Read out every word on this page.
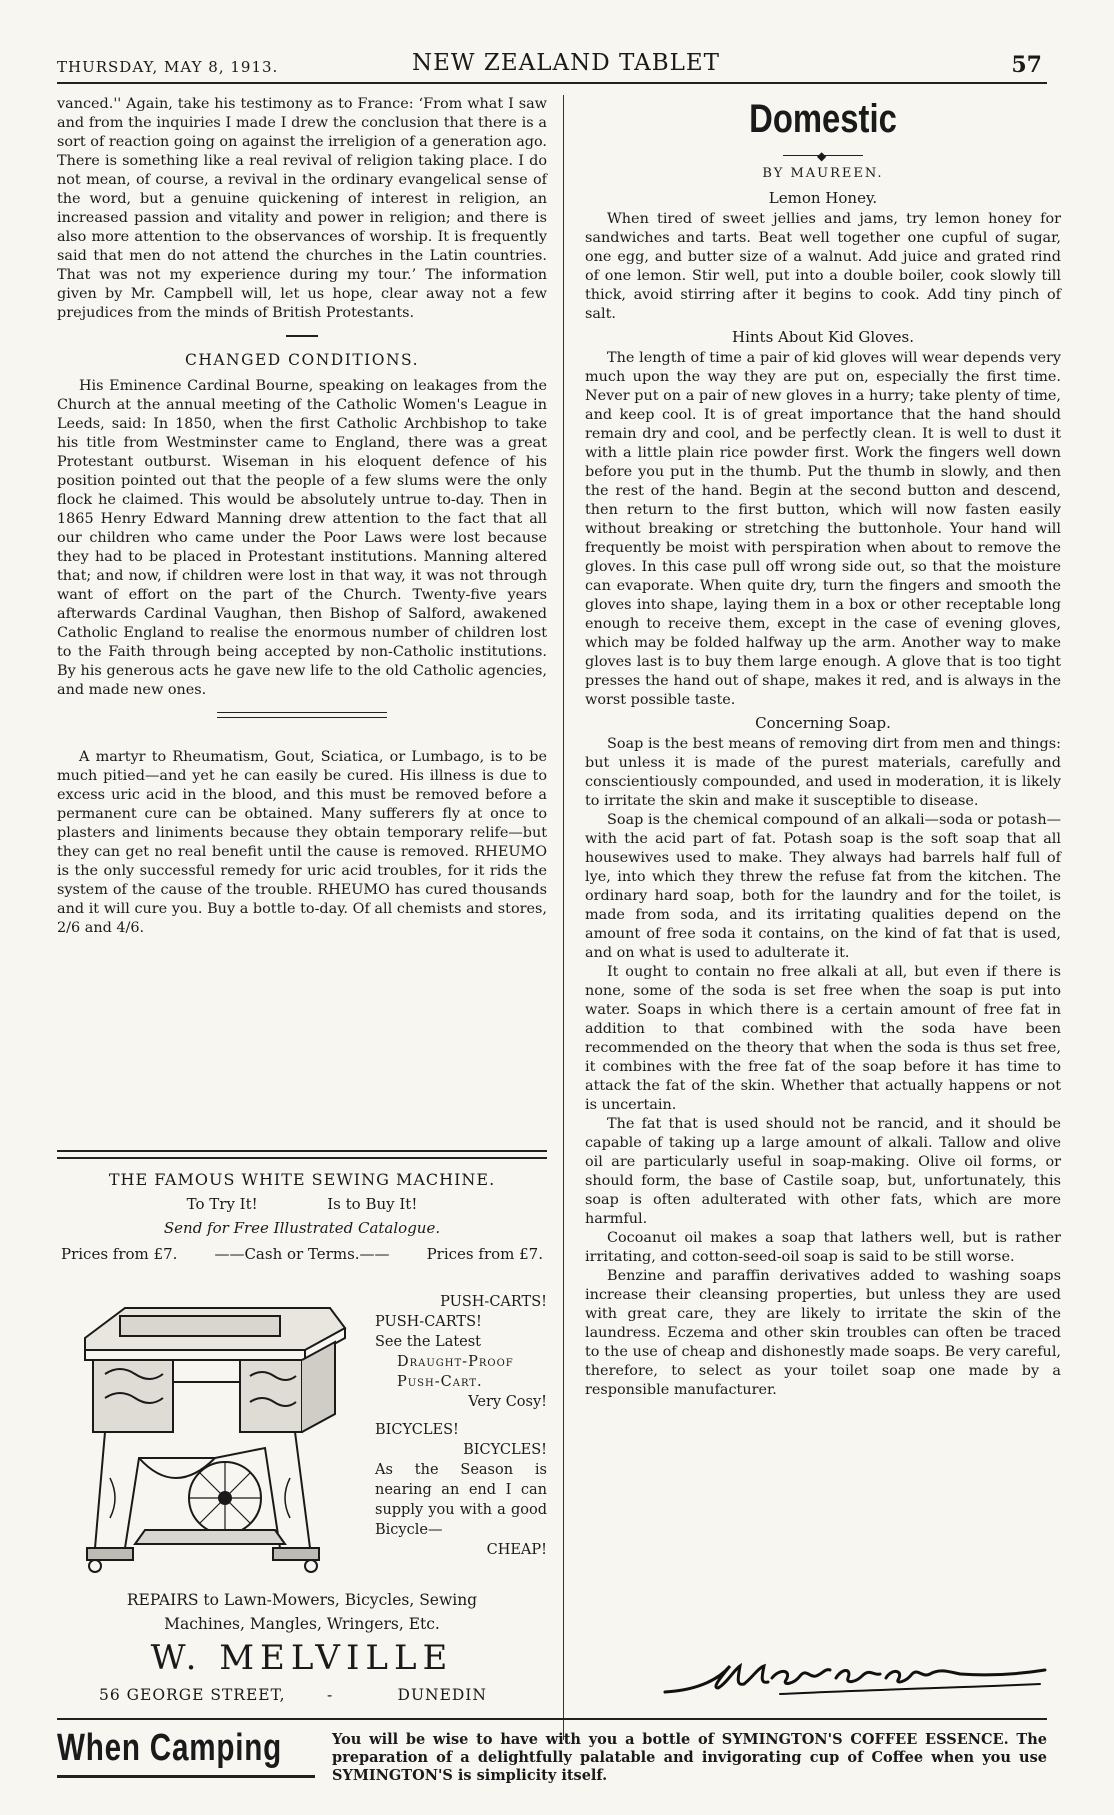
THURSDAY, MAY 8, 1913.	NEW ZEALAND TABLET	57

vanced.'' Again, take his testimony as to France: ‘From what I saw and from the inquiries I made I drew the conclusion that there is a sort of reaction going on against the irreligion of a generation ago. There is something like a real revival of religion taking place. I do not mean, of course, a revival in the ordinary evangelical sense of the word, but a genuine quickening of interest in religion, an increased passion and vitality and power in religion; and there is also more attention to the observances of worship. It is frequently said that men do not attend the churches in the Latin countries. That was not my experience during my tour.’ The information given by Mr. Campbell will, let us hope, clear away not a few prejudices from the minds of British Protestants.

CHANGED CONDITIONS.

His Eminence Cardinal Bourne, speaking on leakages from the Church at the annual meeting of the Catholic Women's League in Leeds, said: In 1850, when the first Catholic Archbishop to take his title from Westminster came to England, there was a great Protestant outburst. Wiseman in his eloquent defence of his position pointed out that the people of a few slums were the only flock he claimed. This would be absolutely untrue to-day. Then in 1865 Henry Edward Manning drew attention to the fact that all our children who came under the Poor Laws were lost because they had to be placed in Protestant institutions. Manning altered that; and now, if children were lost in that way, it was not through want of effort on the part of the Church. Twenty-five years afterwards Cardinal Vaughan, then Bishop of Salford, awakened Catholic England to realise the enormous number of children lost to the Faith through being accepted by non-Catholic institutions. By his generous acts he gave new life to the old Catholic agencies, and made new ones.

A martyr to Rheumatism, Gout, Sciatica, or Lumbago, is to be much pitied—and yet he can easily be cured. His illness is due to excess uric acid in the blood, and this must be removed before a permanent cure can be obtained. Many sufferers fly at once to plasters and liniments because they obtain temporary relife—but they can get no real benefit until the cause is removed. RHEUMO is the only successful remedy for uric acid troubles, for it rids the system of the cause of the trouble. RHEUMO has cured thousands and it will cure you. Buy a bottle to-day. Of all chemists and stores, 2/6 and 4/6.

THE FAMOUS WHITE SEWING MACHINE.

To Try It!	Is to Buy It!

Send for Free Illustrated Catalogue.

Prices from £7. ——Cash or Terms.—— Prices from £7.
PUSH-CARTS!
PUSH-CARTS!
See the Latest
Draught-Proof
Push-Cart.
Very Cosy!
BICYCLES!
BICYCLES!
As the Season is nearing an end I can supply you with a good Bicycle—
CHEAP!
REPAIRS to Lawn-Mowers, Bicycles, Sewing
Machines, Mangles, Wringers, Etc.
W. MELVILLE
56 GEORGE STREET,	-	DUNEDIN

Domestic

◆
BY MAUREEN.
Lemon Honey.

When tired of sweet jellies and jams, try lemon honey for sandwiches and tarts. Beat well together one cupful of sugar, one egg, and butter size of a walnut. Add juice and grated rind of one lemon. Stir well, put into a double boiler, cook slowly till thick, avoid stirring after it begins to cook. Add tiny pinch of salt.

Hints About Kid Gloves.

The length of time a pair of kid gloves will wear depends very much upon the way they are put on, especially the first time. Never put on a pair of new gloves in a hurry; take plenty of time, and keep cool. It is of great importance that the hand should remain dry and cool, and be perfectly clean. It is well to dust it with a little plain rice powder first. Work the fingers well down before you put in the thumb. Put the thumb in slowly, and then the rest of the hand. Begin at the second button and descend, then return to the first button, which will now fasten easily without breaking or stretching the buttonhole. Your hand will frequently be moist with perspiration when about to remove the gloves. In this case pull off wrong side out, so that the moisture can evaporate. When quite dry, turn the fingers and smooth the gloves into shape, laying them in a box or other receptable long enough to receive them, except in the case of evening gloves, which may be folded halfway up the arm. Another way to make gloves last is to buy them large enough. A glove that is too tight presses the hand out of shape, makes it red, and is always in the worst possible taste.

Concerning Soap.

Soap is the best means of removing dirt from men and things: but unless it is made of the purest materials, carefully and conscientiously compounded, and used in moderation, it is likely to irritate the skin and make it susceptible to disease.

Soap is the chemical compound of an alkali—soda or potash—with the acid part of fat. Potash soap is the soft soap that all housewives used to make. They always had barrels half full of lye, into which they threw the refuse fat from the kitchen. The ordinary hard soap, both for the laundry and for the toilet, is made from soda, and its irritating qualities depend on the amount of free soda it contains, on the kind of fat that is used, and on what is used to adulterate it.

It ought to contain no free alkali at all, but even if there is none, some of the soda is set free when the soap is put into water. Soaps in which there is a certain amount of free fat in addition to that combined with the soda have been recommended on the theory that when the soda is thus set free, it combines with the free fat of the soap before it has time to attack the fat of the skin. Whether that actually happens or not is uncertain.

The fat that is used should not be rancid, and it should be capable of taking up a large amount of alkali. Tallow and olive oil are particularly useful in soap-making. Olive oil forms, or should form, the base of Castile soap, but, unfortunately, this soap is often adulterated with other fats, which are more harmful.

Cocoanut oil makes a soap that lathers well, but is rather irritating, and cotton-seed-oil soap is said to be still worse.

Benzine and paraffin derivatives added to washing soaps increase their cleansing properties, but unless they are used with great care, they are likely to irritate the skin of the laundress. Eczema and other skin troubles can often be traced to the use of cheap and dishonestly made soaps. Be very careful, therefore, to select as your toilet soap one made by a responsible manufacturer.

When Camping	You will be wise to have with you a bottle of SYMINGTON'S COFFEE ESSENCE. The preparation of a delightfully palatable and invigorating cup of Coffee when you use SYMINGTON'S is simplicity itself.
